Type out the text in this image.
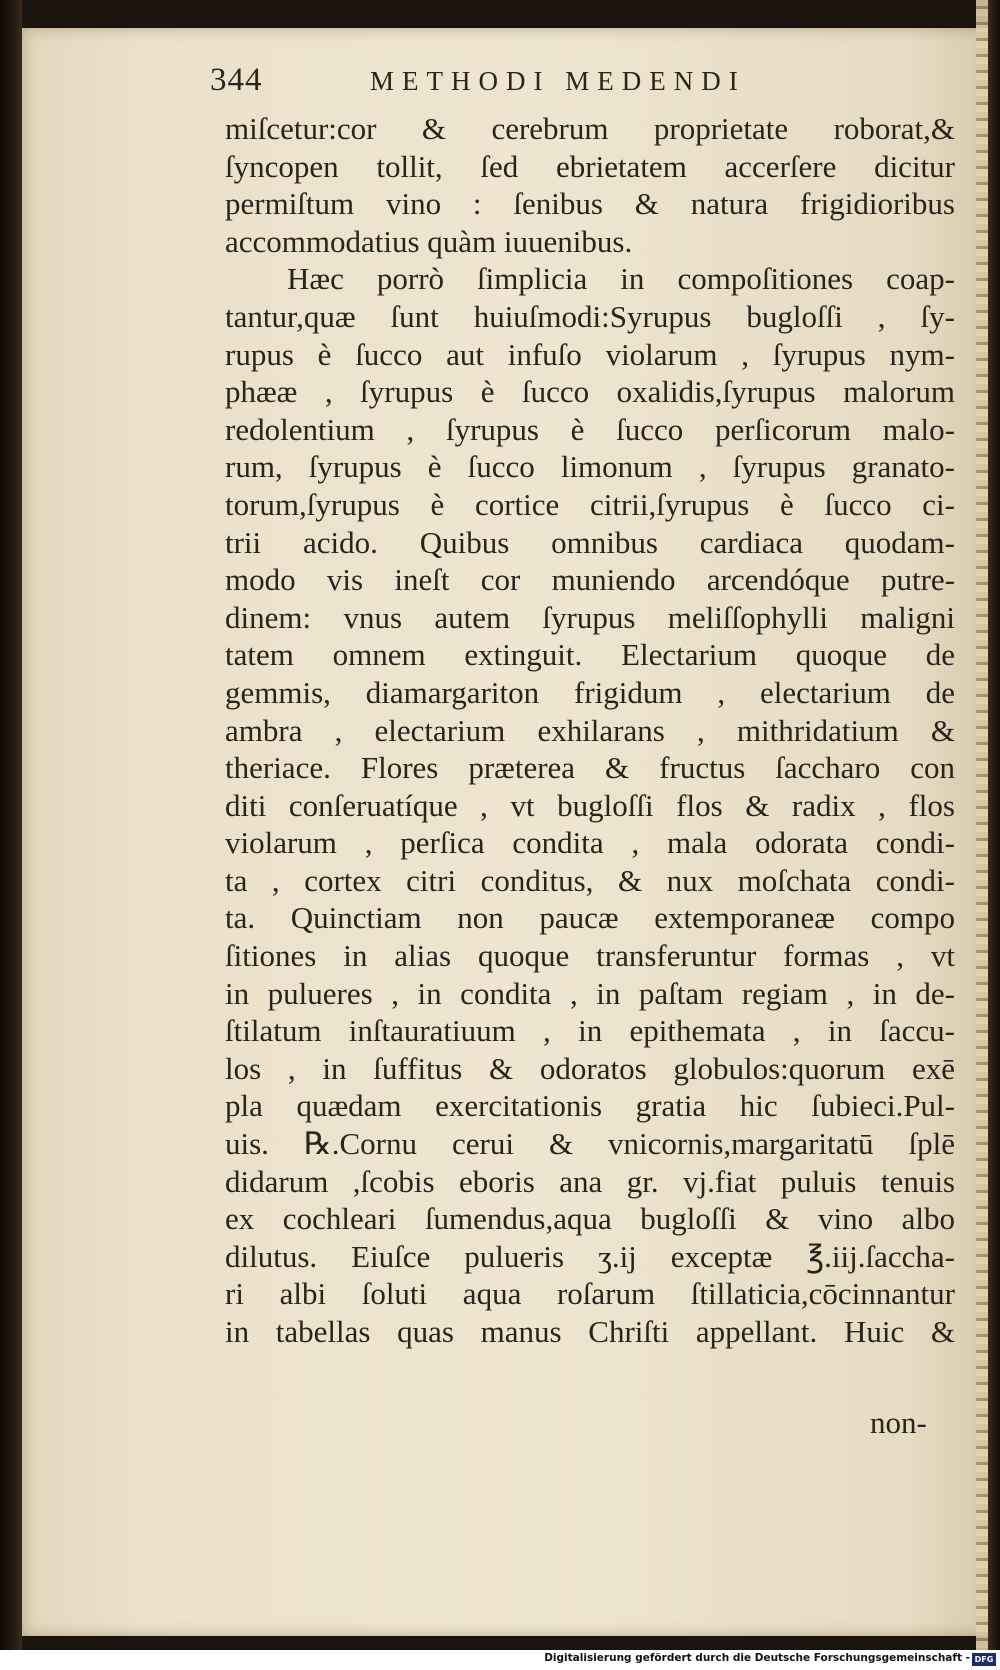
344	METHODI MEDENDI
miſcetur:cor & cerebrum proprietate roborat,&
ſyncopen tollit, ſed ebrietatem accerſere dicitur
permiſtum vino : ſenibus & natura frigidioribus
accommodatius quàm iuuenibus.
Hæc porrò ſimplicia in compoſitiones coap-
tantur,quæ ſunt huiuſmodi:Syrupus bugloſſi , ſy-
rupus è ſucco aut infuſo violarum , ſyrupus nym-
phææ , ſyrupus è ſucco oxalidis,ſyrupus malorum
redolentium , ſyrupus è ſucco perſicorum malo-
rum, ſyrupus è ſucco limonum , ſyrupus granato-
torum,ſyrupus è cortice citrii,ſyrupus è ſucco ci-
trii acido. Quibus omnibus cardiaca quodam-
modo vis ineſt cor muniendo arcendóque putre-
dinem: vnus autem ſyrupus meliſſophylli maligni
tatem omnem extinguit. Electarium quoque de
gemmis, diamargariton frigidum , electarium de
ambra , electarium exhilarans , mithridatium &
theriace. Flores præterea & fructus ſaccharo con
diti conſeruatíque , vt bugloſſi flos & radix , flos
violarum , perſica condita , mala odorata condi-
ta , cortex citri conditus, & nux moſchata condi-
ta. Quinctiam non paucæ extemporaneæ compo
ſitiones in alias quoque transferuntur formas , vt
in pulueres , in condita , in paſtam regiam , in de-
ſtilatum inſtauratiuum , in epithemata , in ſaccu-
los , in ſuffitus & odoratos globulos:quorum exē
pla quædam exercitationis gratia hic ſubieci.Pul-
uis. ℞.Cornu cerui & vnicornis,margaritatū ſplē
didarum ,ſcobis eboris ana gr. vj.fiat puluis tenuis
ex cochleari ſumendus,aqua bugloſſi & vino albo
dilutus. Eiuſce pulueris ʒ.ij exceptæ ℥.iij.ſaccha-
ri albi ſoluti aqua roſarum ſtillaticia,cōcinnantur
in tabellas quas manus Chriſti appellant. Huic &
non-
Digitalisierung gefördert durch die Deutsche Forschungsgemeinschaft - DFG
